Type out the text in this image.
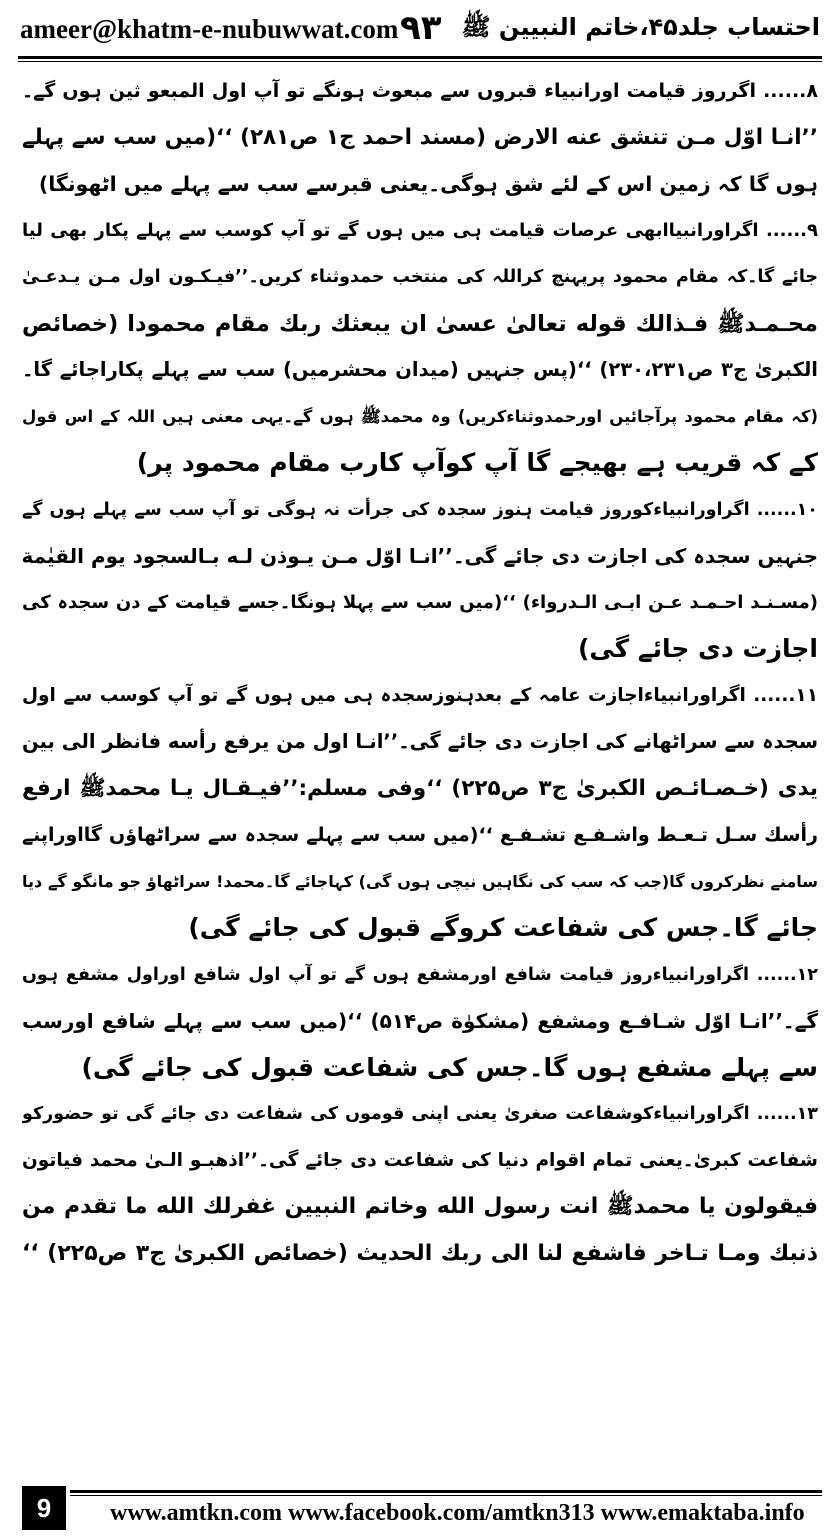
ameer@khatm-e-nubuwwat.com ۹۳ احتساب جلد۴۵،خاتم النبیین ﷺ
۸...... اگرروز قیامت اورانبیاء قبروں سے مبعوث ہونگے تو آپ اول المبعو ثین ہوں گے۔
’’انـا اوّل مـن تنشق عنه الارض (مسند احمد ج۱ ص۲۸۱) ‘‘(میں سب سے پہلے
ہوں گا کہ زمین اس کے لئے شق ہوگی۔یعنی قبرسے سب سے پہلے میں اٹھونگا)
۹...... اگراورانبیاابھی عرصات قیامت ہی میں ہوں گے تو آپ کوسب سے پہلے پکار بھی لیا
جائے گا۔کہ مقام محمود پرپہنچ کراللہ کی منتخب حمدوثناء کریں۔’’فیـكـون اول مـن يـدعـىٰ
محـمـدﷺ فـذالك قوله تعالىٰ عسىٰ ان يبعثك ربك مقام محمودا (خصائص
الکبریٰ ج۳ ص۲۳۰،۲۳۱) ‘‘(پس جنہیں (میدان محشرمیں) سب سے پہلے پکاراجائے گا۔
(کہ مقام محمود پرآجائیں اورحمدوثناءکریں) وہ محمدﷺ ہوں گے۔یہی معنی ہیں اللہ کے اس قول
کے کہ قریب ہے بھیجے گا آپ کوآپ کارب مقام محمود پر)
۱۰...... اگراورانبیاءکوروز قیامت ہنوز سجدہ کی جرأت نہ ہوگی تو آپ سب سے پہلے ہوں گے
جنہیں سجدہ کی اجازت دی جائے گی۔’’انـا اوّل مـن يـوذن لـه بـالسجود يوم القيٰمة
(مسـنـد احـمـد عـن ابـى الـدرواء) ‘‘(میں سب سے پہلا ہونگا۔جسے قیامت کے دن سجدہ کی
اجازت دی جائے گی)
۱۱...... اگراورانبیاءاجازت عامہ کے بعدہنوزسجدہ ہی میں ہوں گے تو آپ کوسب سے اول
سجدہ سے سراٹھانے کی اجازت دی جائے گی۔’’انـا اول من يرفع رأسه فانظر الى بين
يدى (خـصـائـص الكبرىٰ ج۳ ص۲۲۵) ‘‘وفی مسلم:’’فيـقـال يـا محمدﷺ ارفع
رأسك سـل تـعـط واشـفـع تشـفـع ‘‘(میں سب سے پہلے سجدہ سے سراٹھاؤں گااوراپنے
سامنے نظرکروں گا(جب کہ سب کی نگاہیں نیچی ہوں گی) کہاجائے گا۔محمد! سراٹھاؤ جو مانگو گے دیا
جائے گا۔جس کی شفاعت کروگے قبول کی جائے گی)
۱۲...... اگراورانبیاءروز قیامت شافع اورمشفع ہوں گے تو آپ اول شافع اوراول مشفع ہوں
گے۔’’انـا اوّل شـافـع ومشفع (مشكوٰة ص۵۱۴) ‘‘(میں سب سے پہلے شافع اورسب
سے پہلے مشفع ہوں گا۔جس کی شفاعت قبول کی جائے گی)
۱۳...... اگراورانبیاءکوشفاعت صغریٰ یعنی اپنی قوموں کی شفاعت دی جائے گی تو حضورکو
شفاعت کبریٰ۔یعنی تمام اقوام دنیا کی شفاعت دی جائے گی۔’’اذهبـو الـىٰ محمد فياتون
فيقولون يا محمدﷺ انت رسول الله وخاتم النبيين غفرلك الله ما تقدم من
ذنبك ومـا تـاخر فاشفع لنا الى ربك الحديث (خصائص الكبرىٰ ج۳ ص۲۲۵) ‘‘
9	www.amtkn.com www.facebook.com/amtkn313 www.emaktaba.info
